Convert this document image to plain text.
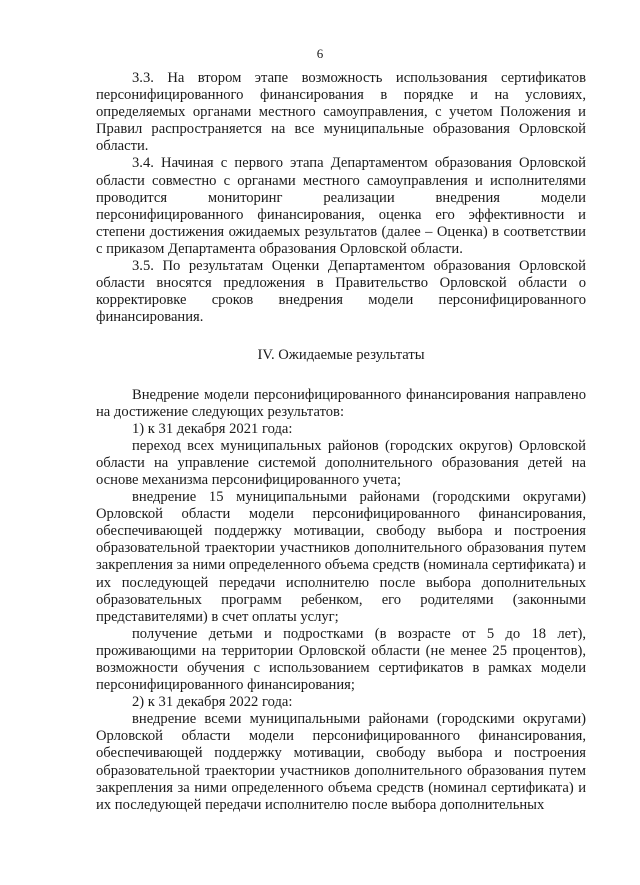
6

3.3. На втором этапе возможность использования сертификатов персонифицированного финансирования в порядке и на условиях, определяемых органами местного самоуправления, с учетом Положения и Правил распространяется на все муниципальные образования Орловской области.

3.4. Начиная с первого этапа Департаментом образования Орловской области совместно с органами местного самоуправления и исполнителями проводится мониторинг реализации внедрения модели персонифицированного финансирования, оценка его эффективности и степени достижения ожидаемых результатов (далее – Оценка) в соответствии с приказом Департамента образования Орловской области.

3.5. По результатам Оценки Департаментом образования Орловской области вносятся предложения в Правительство Орловской области о корректировке сроков внедрения модели персонифицированного финансирования.

IV. Ожидаемые результаты

Внедрение модели персонифицированного финансирования направлено на достижение следующих результатов:

1) к 31 декабря 2021 года:

переход всех муниципальных районов (городских округов) Орловской области на управление системой дополнительного образования детей на основе механизма персонифицированного учета;

внедрение 15 муниципальными районами (городскими округами) Орловской области модели персонифицированного финансирования, обеспечивающей поддержку мотивации, свободу выбора и построения образовательной траектории участников дополнительного образования путем закрепления за ними определенного объема средств (номинала сертификата) и их последующей передачи исполнителю после выбора дополнительных образовательных программ ребенком, его родителями (законными представителями) в счет оплаты услуг;

получение детьми и подростками (в возрасте от 5 до 18 лет), проживающими на территории Орловской области (не менее 25 процентов), возможности обучения с использованием сертификатов в рамках модели персонифицированного финансирования;

2) к 31 декабря 2022 года:

внедрение всеми муниципальными районами (городскими округами) Орловской области модели персонифицированного финансирования, обеспечивающей поддержку мотивации, свободу выбора и построения образовательной траектории участников дополнительного образования путем закрепления за ними определенного объема средств (номинал сертификата) и их последующей передачи исполнителю после выбора дополнительных
